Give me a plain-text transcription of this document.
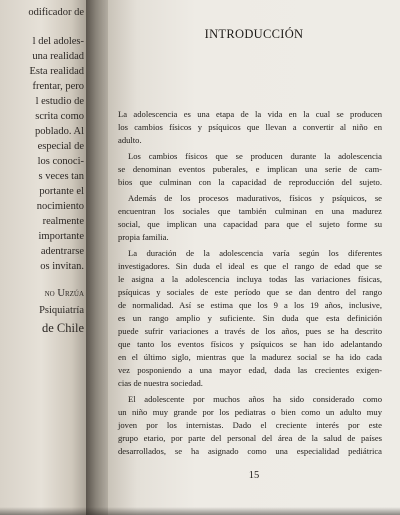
odificador de
l del adoles-
una realidad
Esta realidad
frentar, pero
l estudio de
scrita como
poblado. Al
especial de
los conoci-
s veces tan
portante el
nocimiento
realmente
importante
adentrarse
os invitan.
no Urzúa
Psiquiatría
de Chile
INTRODUCCIÓN
La adolescencia es una etapa de la vida en la cual se producen
los cambios físicos y psíquicos que llevan a convertir al niño en
adulto.
Los cambios físicos que se producen durante la adolescencia
se denominan eventos puberales, e implican una serie de cam-
bios que culminan con la capacidad de reproducción del sujeto.
Además de los procesos madurativos, físicos y psíquicos, se
encuentran los sociales que también culminan en una madurez
social, que implican una capacidad para que el sujeto forme su
propia familia.
La duración de la adolescencia varía según los diferentes
investigadores. Sin duda el ideal es que el rango de edad que se
le asigna a la adolescencia incluya todas las variaciones físicas,
psíquicas y sociales de este período que se dan dentro del rango
de normalidad. Así se estima que los 9 a los 19 años, inclusive,
es un rango amplio y suficiente. Sin duda que esta definición
puede sufrir variaciones a través de los años, pues se ha descrito
que tanto los eventos físicos y psíquicos se han ido adelantando
en el último siglo, mientras que la madurez social se ha ido cada
vez posponiendo a una mayor edad, dada las crecientes exigen-
cias de nuestra sociedad.
El adolescente por muchos años ha sido considerado como
un niño muy grande por los pediatras o bien como un adulto muy
joven por los internistas. Dado el creciente interés por este
grupo etario, por parte del personal del área de la salud de países
desarrollados, se ha asignado como una especialidad pediátrica
15
